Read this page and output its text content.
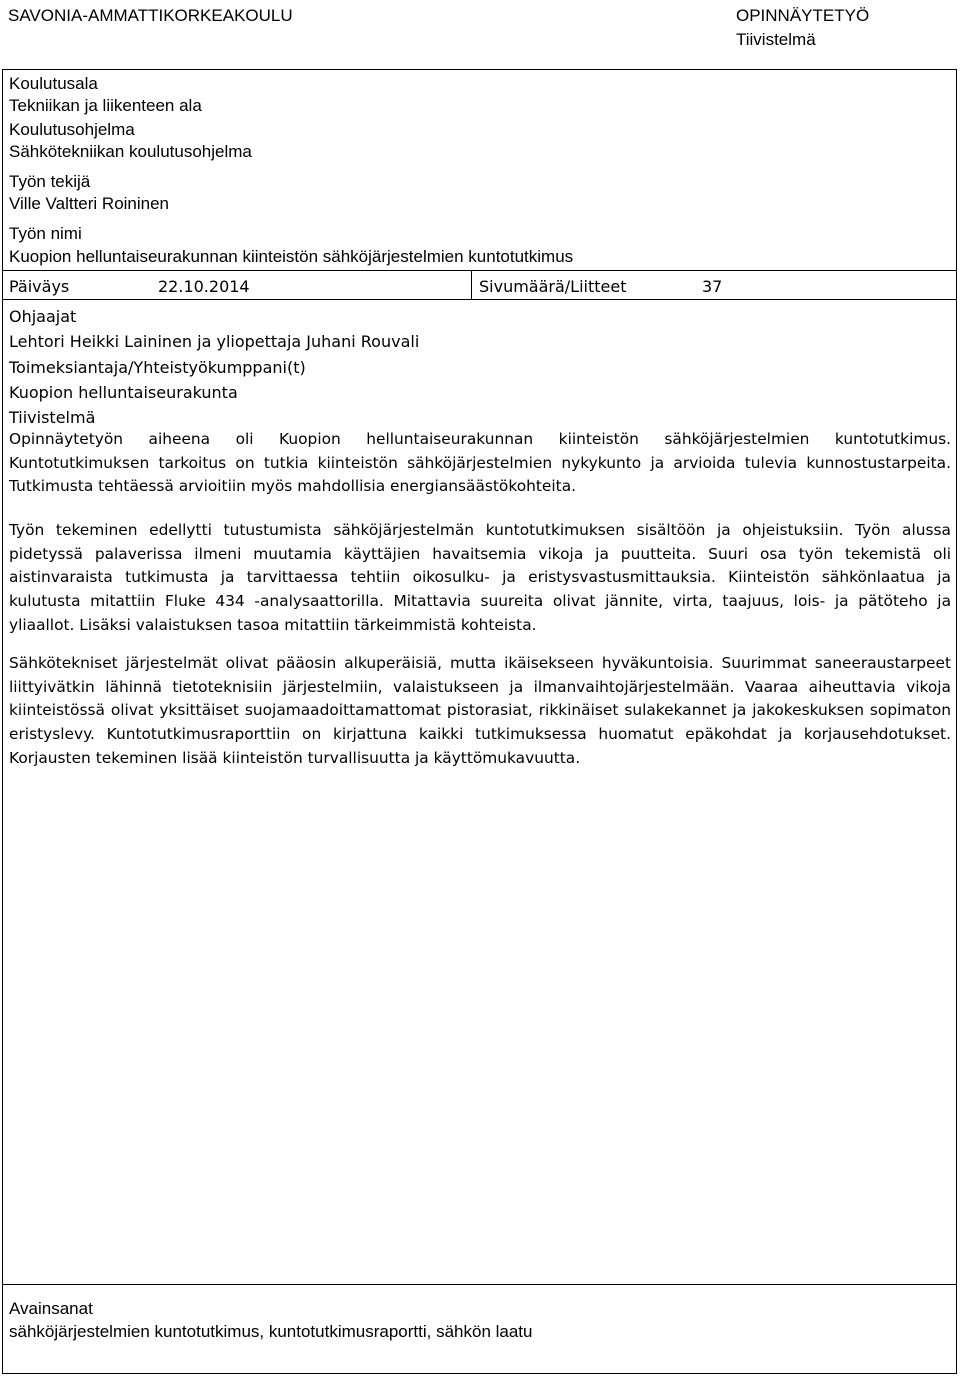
SAVONIA-AMMATTIKORKEAKOULU	OPINNÄYTETYÖ
Tiivistelmä
Koulutusala
Tekniikan ja liikenteen ala
Koulutusohjelma
Sähkötekniikan koulutusohjelma
Työn tekijä
Ville Valtteri Roininen
Työn nimi
Kuopion helluntaiseurakunnan kiinteistön sähköjärjestelmien kuntotutkimus
Päiväys	22.10.2014	Sivumäärä/Liitteet	37
Ohjaajat
Lehtori Heikki Laininen ja yliopettaja Juhani Rouvali
Toimeksiantaja/Yhteistyökumppani(t)
Kuopion helluntaiseurakunta
Tiivistelmä
Opinnäytetyön aiheena oli Kuopion helluntaiseurakunnan kiinteistön sähköjärjestelmien kuntotutkimus. Kuntotutkimuksen tarkoitus on tutkia kiinteistön sähköjärjestelmien nykykunto ja arvioida tulevia kunnostustarpeita. Tutkimusta tehtäessä arvioitiin myös mahdollisia energiansäästökohteita.
Työn tekeminen edellytti tutustumista sähköjärjestelmän kuntotutkimuksen sisältöön ja ohjeistuksiin. Työn alussa pidetyssä palaverissa ilmeni muutamia käyttäjien havaitsemia vikoja ja puutteita. Suuri osa työn tekemistä oli aistinvaraista tutkimusta ja tarvittaessa tehtiin oikosulku- ja eristysvastusmittauksia. Kiinteistön sähkönlaatua ja kulutusta mitattiin Fluke 434 -analysaattorilla. Mitattavia suureita olivat jännite, virta, taajuus, lois- ja pätöteho ja yliaallot. Lisäksi valaistuksen tasoa mitattiin tärkeimmistä kohteista.
Sähkötekniset järjestelmät olivat pääosin alkuperäisiä, mutta ikäisekseen hyväkuntoisia. Suurimmat saneeraustarpeet liittyivätkin lähinnä tietoteknisiin järjestelmiin, valaistukseen ja ilmanvaihtojärjestelmään. Vaaraa aiheuttavia vikoja kiinteistössä olivat yksittäiset suojamaadoittamattomat pistorasiat, rikkinäiset sulakekannet ja jakokeskuksen sopimaton eristyslevy. Kuntotutkimusraporttiin on kirjattuna kaikki tutkimuksessa huomatut epäkohdat ja korjausehdotukset. Korjausten tekeminen lisää kiinteistön turvallisuutta ja käyttömukavuutta.
Avainsanat
sähköjärjestelmien kuntotutkimus, kuntotutkimusraportti, sähkön laatu
